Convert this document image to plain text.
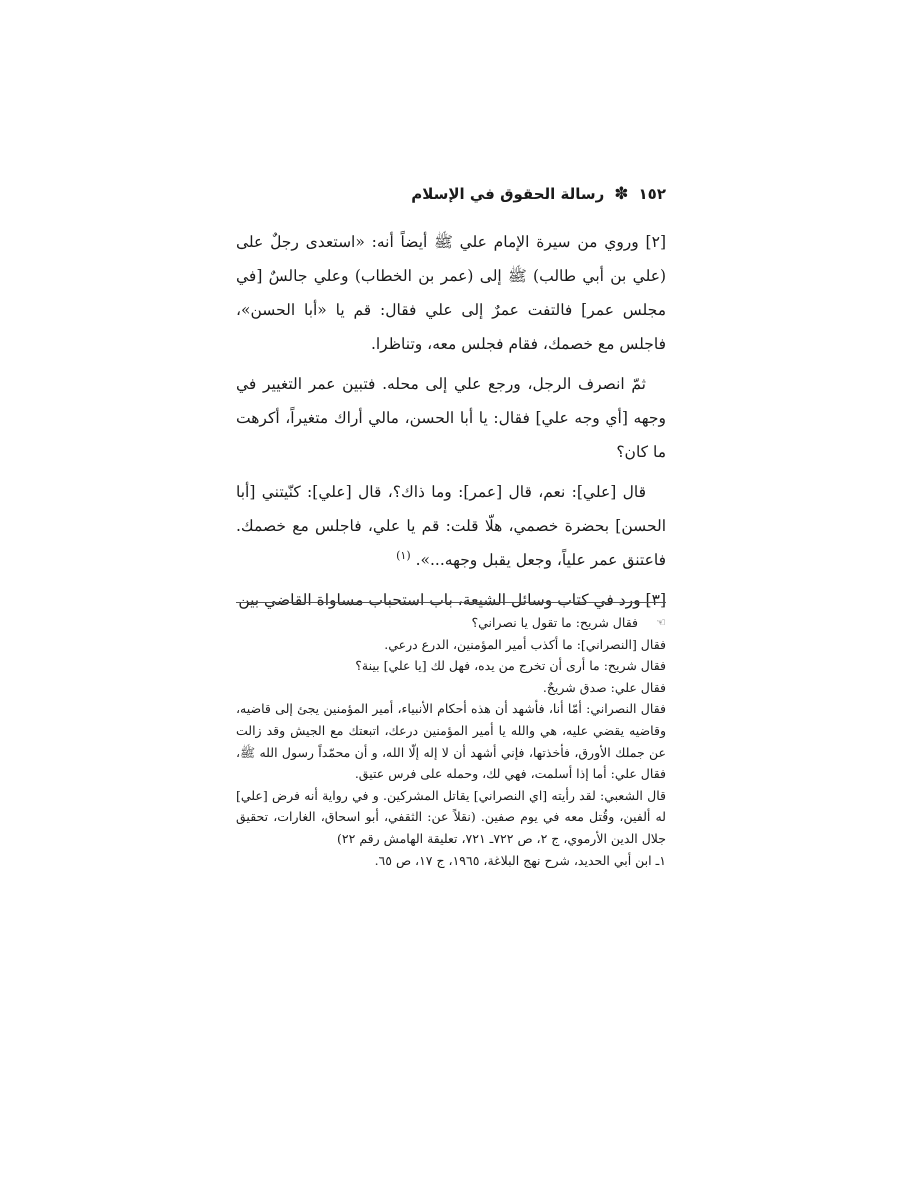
١٥٢
✽
رسالة الحقوق في الإسلام

[٢] وروي من سيرة الإمام علي ﷺ أيضاً أنه: «استعدى رجلٌ على (علي بن أبي طالب) ﷺ إلى (عمر بن الخطاب) وعلي جالسٌ [في مجلس عمر] فالتفت عمرٌ إلى علي فقال: قم يا «أبا الحسن»، فاجلس مع خصمك، فقام فجلس معه، وتناظرا.

ثمّ انصرف الرجل، ورجع علي إلى محله. فتبين عمر التغيير في وجهه [أي وجه علي] فقال: يا أبا الحسن، مالي أراك متغيراً، أكرهت ما كان؟

قال [علي]: نعم، قال [عمر]: وما ذاك؟، قال [علي]: كنّيتني [أبا الحسن] بحضرة خصمي، هلّا قلت: قم يا علي، فاجلس مع خصمك. فاعتنق عمر علياً، وجعل يقبل وجهه...». $^{(١)}$

[٣] ورد في كتاب وسائل الشيعة، باب استحباب مساواة القاضي بين

☜
فقال شريح: ما تقول يا نصراني؟

فقال [النصراني]: ما أكذب أمير المؤمنين، الدرع درعي.

فقال شريح: ما أرى أن تخرج من يده، فهل لك [يا علي] بينة؟

فقال علي: صدق شريحٌ.

فقال النصراني: أمّا أنا، فأشهد أن هذه أحكام الأنبياء، أمير المؤمنين يجئ إلى قاضيه، وقاضيه يقضي عليه، هي والله يا أمير المؤمنين درعك، اتبعتك مع الجيش وقد زالت عن جملك الأورق، فأخذتها، فإني أشهد أن لا إله إلّا الله، و أن محمّداً رسول الله ﷺ، فقال علي: أما إذا أسلمت، فهي لك، وحمله على فرس عتيق.

قال الشعبي: لقد رأيته [اي النصراني] يقاتل المشركين. و في رواية أنه فرض [علي] له ألفين، وقُتل معه في يوم صفين. (نقلاً عن: الثقفي، أبو اسحاق، الغارات، تحقيق جلال الدين الأرموي، ج ٢، ص ٧٢٢ـ ٧٢١، تعليقة الهامش رقم ٢٢)

١ـ ابن أبي الحديد، شرح نهج البلاغة، ١٩٦٥، ج ١٧، ص ٦٥.
